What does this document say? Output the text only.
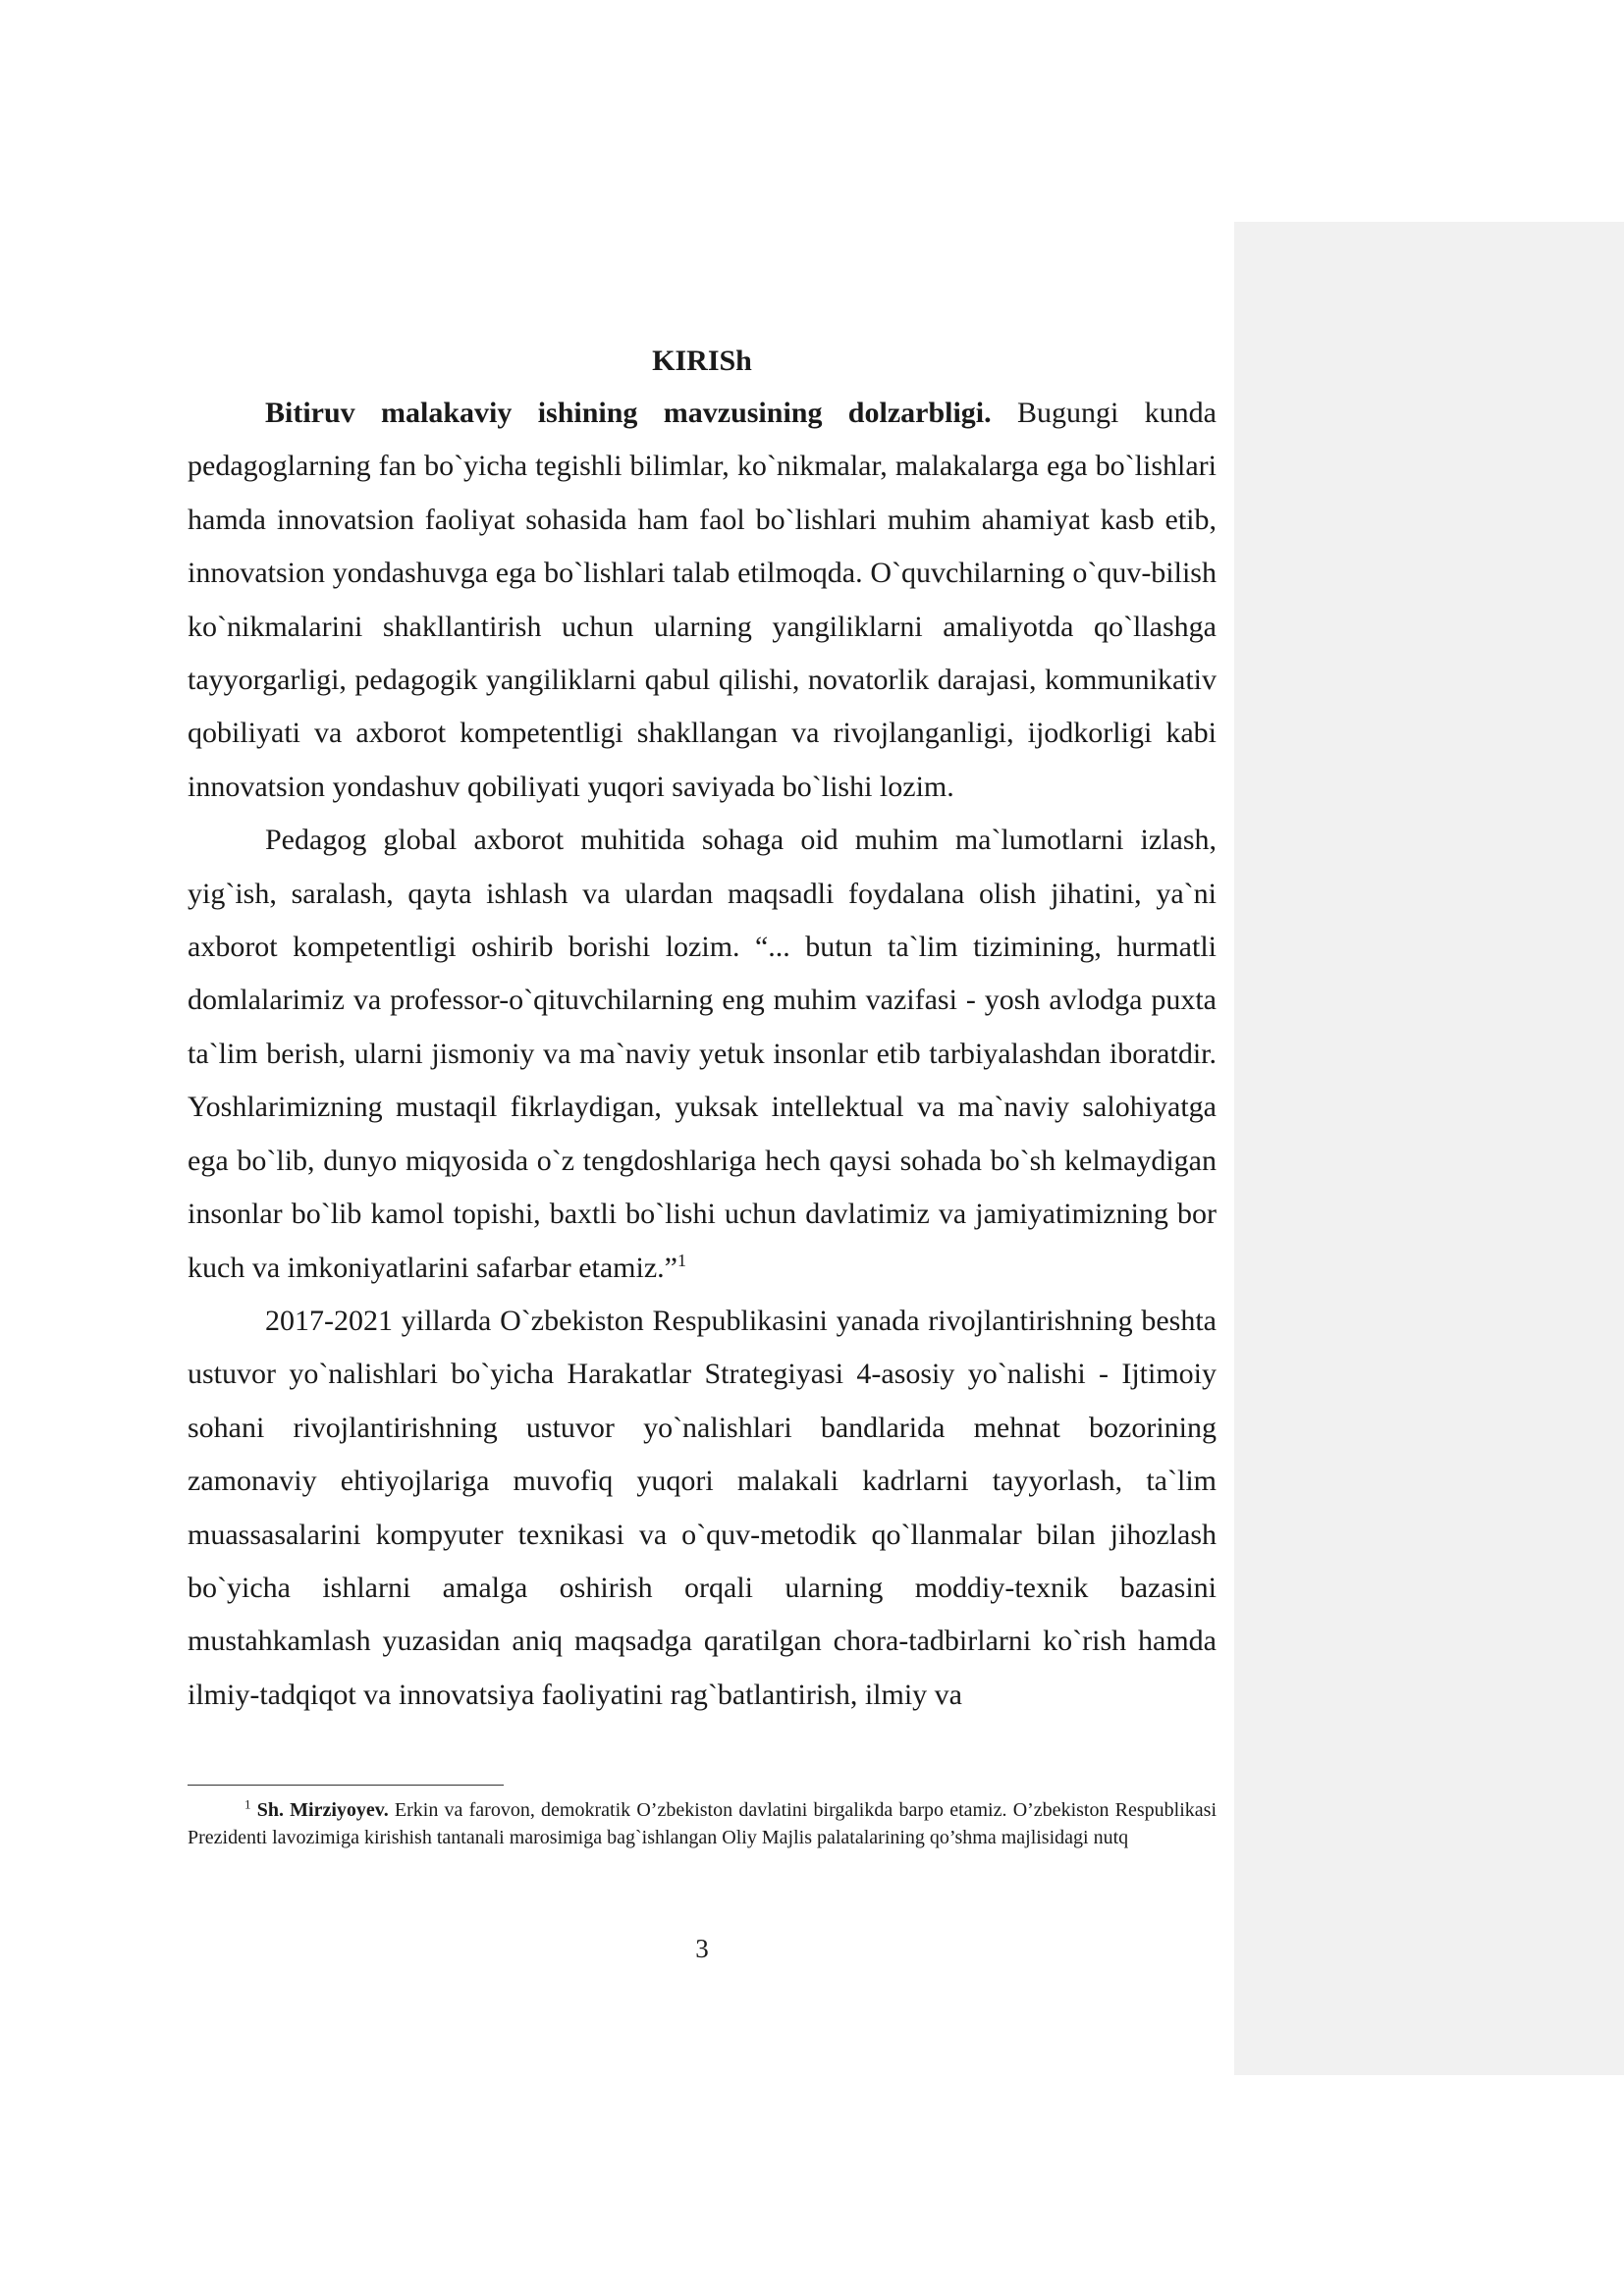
KIRISh

Bitiruv malakaviy ishining mavzusining dolzarbligi. Bugungi kunda pedagoglarning fan bo`yicha tegishli bilimlar, ko`nikmalar, malakalarga ega bo`lishlari hamda innovatsion faoliyat sohasida ham faol bo`lishlari muhim ahamiyat kasb etib, innovatsion yondashuvga ega bo`lishlari talab etilmoqda. O`quvchilarning o`quv-bilish ko`nikmalarini shakllantirish uchun ularning yangiliklarni amaliyotda qo`llashga tayyorgarligi, pedagogik yangiliklarni qabul qilishi, novatorlik darajasi, kommunikativ qobiliyati va axborot kompetentligi shakllangan va rivojlanganligi, ijodkorligi kabi innovatsion yondashuv qobiliyati yuqori saviyada bo`lishi lozim.

Pedagog global axborot muhitida sohaga oid muhim ma`lumotlarni izlash, yig`ish, saralash, qayta ishlash va ulardan maqsadli foydalana olish jihatini, ya`ni axborot kompetentligi oshirib borishi lozim. “... butun ta`lim tizimining, hurmatli domlalarimiz va professor-o`qituvchilarning eng muhim vazifasi - yosh avlodga puxta ta`lim berish, ularni jismoniy va ma`naviy yetuk insonlar etib tarbiyalashdan iboratdir. Yoshlarimizning mustaqil fikrlaydigan, yuksak intellektual va ma`naviy salohiyatga ega bo`lib, dunyo miqyosida o`z tengdoshlariga hech qaysi sohada bo`sh kelmaydigan insonlar bo`lib kamol topishi, baxtli bo`lishi uchun davlatimiz va jamiyatimizning bor kuch va imkoniyatlarini safarbar etamiz.”$^1$

2017-2021 yillarda O`zbekiston Respublikasini yanada rivojlantirishning beshta ustuvor yo`nalishlari bo`yicha Harakatlar Strategiyasi 4-asosiy yo`nalishi - Ijtimoiy sohani rivojlantirishning ustuvor yo`nalishlari bandlarida mehnat bozorining zamonaviy ehtiyojlariga muvofiq yuqori malakali kadrlarni tayyorlash, ta`lim muassasalarini kompyuter texnikasi va o`quv-metodik qo`llanmalar bilan jihozlash bo`yicha ishlarni amalga oshirish orqali ularning moddiy-texnik bazasini mustahkamlash yuzasidan aniq maqsadga qaratilgan chora-tadbirlarni ko`rish hamda ilmiy-tadqiqot va innovatsiya faoliyatini rag`batlantirish, ilmiy va

$^1$ Sh. Mirziyoyev. Erkin va farovon, demokratik O’zbekiston davlatini birgalikda barpo etamiz. O’zbekiston Respublikasi Prezidenti lavozimiga kirishish tantanali marosimiga bag`ishlangan Oliy Majlis palatalarining qo’shma majlisidagi nutq

3
